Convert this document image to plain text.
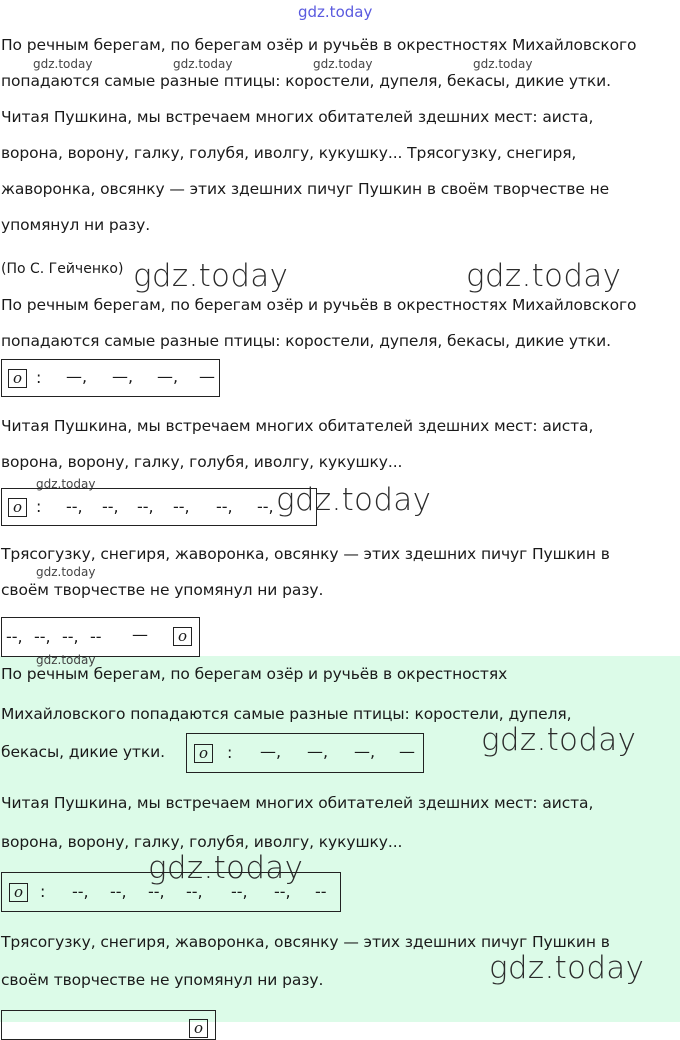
gdz.today
По речным берегам, по берегам озёр и ручьёв в окрестностях Михайловского
gdz.today	gdz.today	gdz.today	gdz.today
попадаются самые разные птицы: коростели, дупеля, бекасы, дикие утки.
Читая Пушкина, мы встречаем многих обитателей здешних мест: аиста,
ворона, ворону, галку, голубя, иволгу, кукушку... Трясогузку, снегиря,
жаворонка, овсянку — этих здешних пичуг Пушкин в своём творчестве не
упомянул ни разу.
(По С. Гейченко) gdz.today	gdz.today
По речным берегам, по берегам озёр и ручьёв в окрестностях Михайловского
попадаются самые разные птицы: коростели, дупеля, бекасы, дикие утки.
о : —, —, —, —
Читая Пушкина, мы встречаем многих обитателей здешних мест: аиста,
ворона, ворону, галку, голубя, иволгу, кукушку...
gdz.today
о : --, --, --, --, --, --, gdz.today
Трясогузку, снегиря, жаворонка, овсянку — этих здешних пичуг Пушкин в
gdz.today
своём творчестве не упомянул ни разу.
--, --, --, -- —	о
gdz.today
По речным берегам, по берегам озёр и ручьёв в окрестностях
Михайловского попадаются самые разные птицы: коростели, дупеля,
бекасы, дикие утки.	о	: —, —, —, — gdz.today
Читая Пушкина, мы встречаем многих обитателей здешних мест: аиста,
ворона, ворону, галку, голубя, иволгу, кукушку...
gdz.today
о	: --, --, --, --, --, --, --
Трясогузку, снегиря, жаворонка, овсянку — этих здешних пичуг Пушкин в
gdz.today
своём творчестве не упомянул ни разу.
о
